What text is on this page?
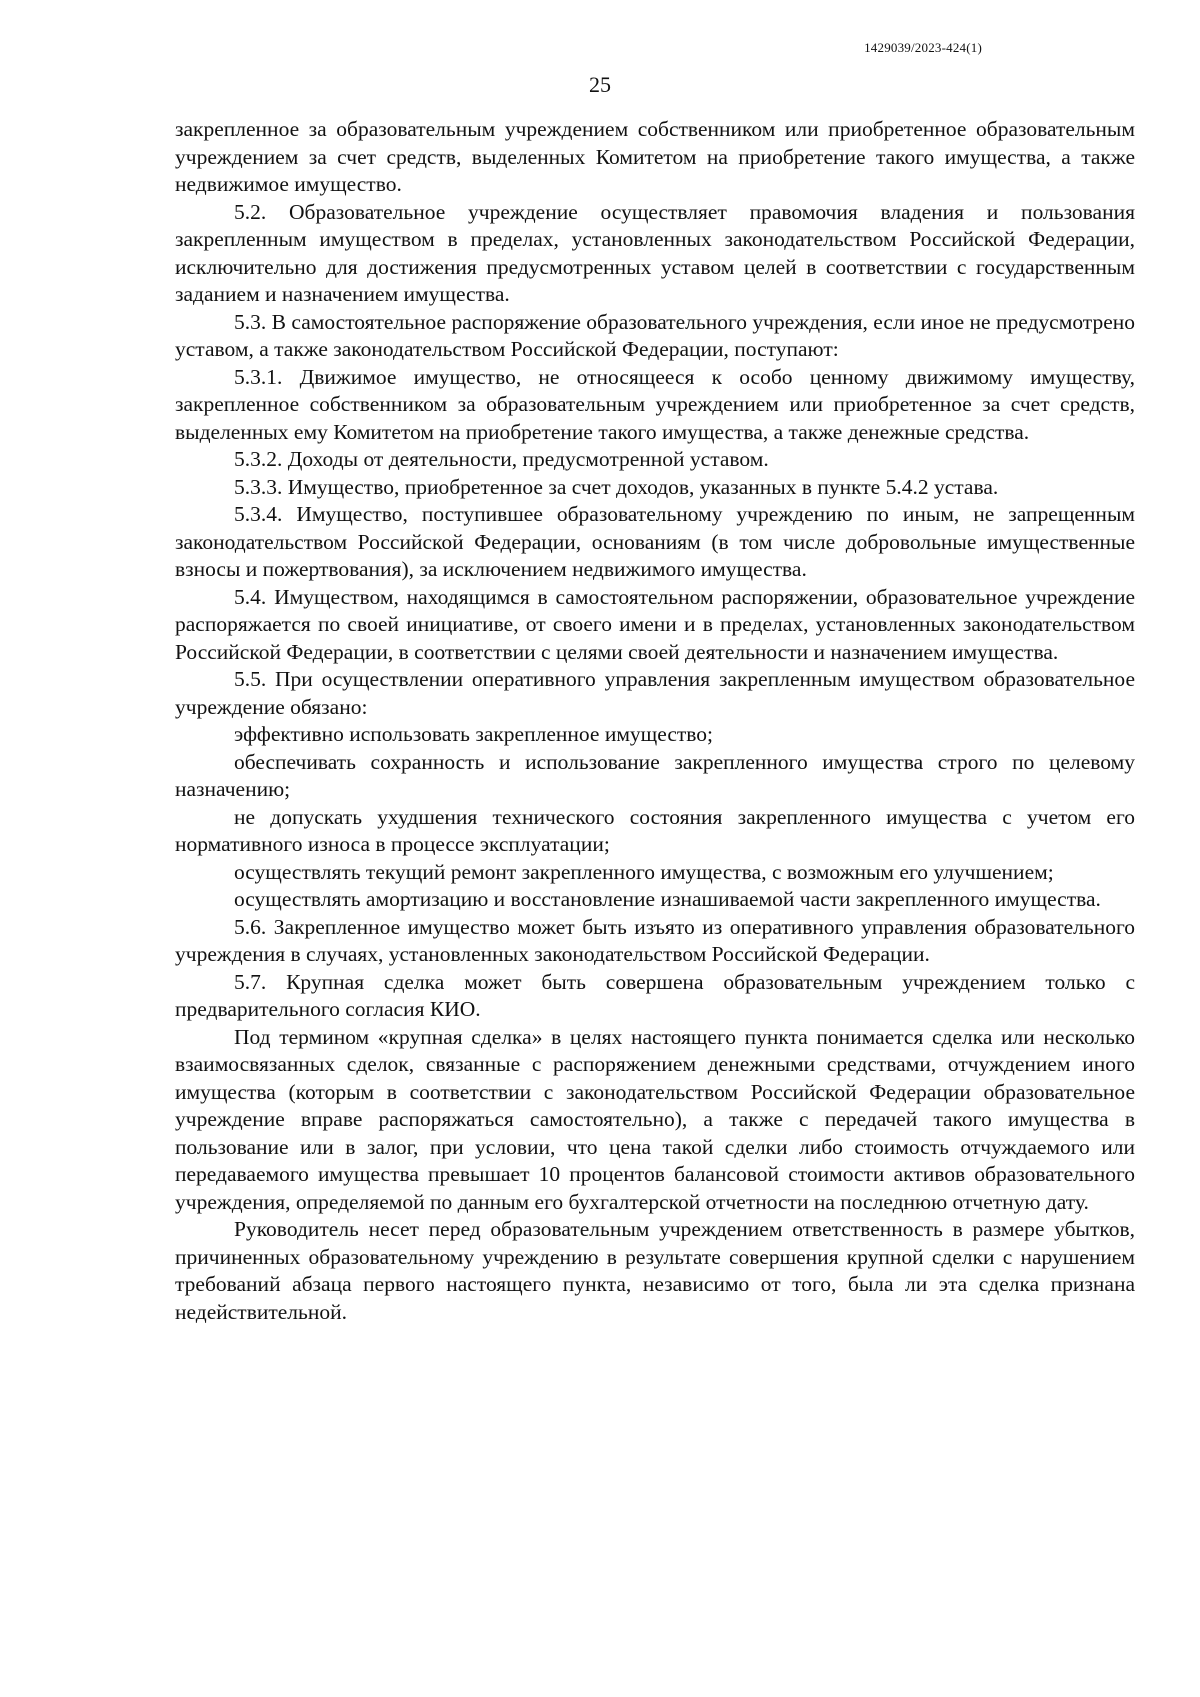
1429039/2023-424(1)
25

закрепленное за образовательным учреждением собственником или приобретенное образовательным учреждением за счет средств, выделенных Комитетом на приобретение такого имущества, а также недвижимое имущество.

5.2. Образовательное учреждение осуществляет правомочия владения и пользования закрепленным имуществом в пределах, установленных законодательством Российской Федерации, исключительно для достижения предусмотренных уставом целей в соответствии с государственным заданием и назначением имущества.

5.3. В самостоятельное распоряжение образовательного учреждения, если иное не предусмотрено уставом, а также законодательством Российской Федерации, поступают:

5.3.1. Движимое имущество, не относящееся к особо ценному движимому имуществу, закрепленное собственником за образовательным учреждением или приобретенное за счет средств, выделенных ему Комитетом на приобретение такого имущества, а также денежные средства.

5.3.2. Доходы от деятельности, предусмотренной уставом.

5.3.3. Имущество, приобретенное за счет доходов, указанных в пункте 5.4.2 устава.

5.3.4. Имущество, поступившее образовательному учреждению по иным, не запрещенным законодательством Российской Федерации, основаниям (в том числе добровольные имущественные взносы и пожертвования), за исключением недвижимого имущества.

5.4. Имуществом, находящимся в самостоятельном распоряжении, образовательное учреждение распоряжается по своей инициативе, от своего имени и в пределах, установленных законодательством Российской Федерации, в соответствии с целями своей деятельности и назначением имущества.

5.5. При осуществлении оперативного управления закрепленным имуществом образовательное учреждение обязано:

эффективно использовать закрепленное имущество;

обеспечивать сохранность и использование закрепленного имущества строго по целевому назначению;

не допускать ухудшения технического состояния закрепленного имущества с учетом его нормативного износа в процессе эксплуатации;

осуществлять текущий ремонт закрепленного имущества, с возможным его улучшением;

осуществлять амортизацию и восстановление изнашиваемой части закрепленного имущества.

5.6. Закрепленное имущество может быть изъято из оперативного управления образовательного учреждения в случаях, установленных законодательством Российской Федерации.

5.7. Крупная сделка может быть совершена образовательным учреждением только с предварительного согласия КИО.

Под термином «крупная сделка» в целях настоящего пункта понимается сделка или несколько взаимосвязанных сделок, связанные с распоряжением денежными средствами, отчуждением иного имущества (которым в соответствии с законодательством Российской Федерации образовательное учреждение вправе распоряжаться самостоятельно), а также с передачей такого имущества в пользование или в залог, при условии, что цена такой сделки либо стоимость отчуждаемого или передаваемого имущества превышает 10 процентов балансовой стоимости активов образовательного учреждения, определяемой по данным его бухгалтерской отчетности на последнюю отчетную дату.

Руководитель несет перед образовательным учреждением ответственность в размере убытков, причиненных образовательному учреждению в результате совершения крупной сделки с нарушением требований абзаца первого настоящего пункта, независимо от того, была ли эта сделка признана недействительной.
